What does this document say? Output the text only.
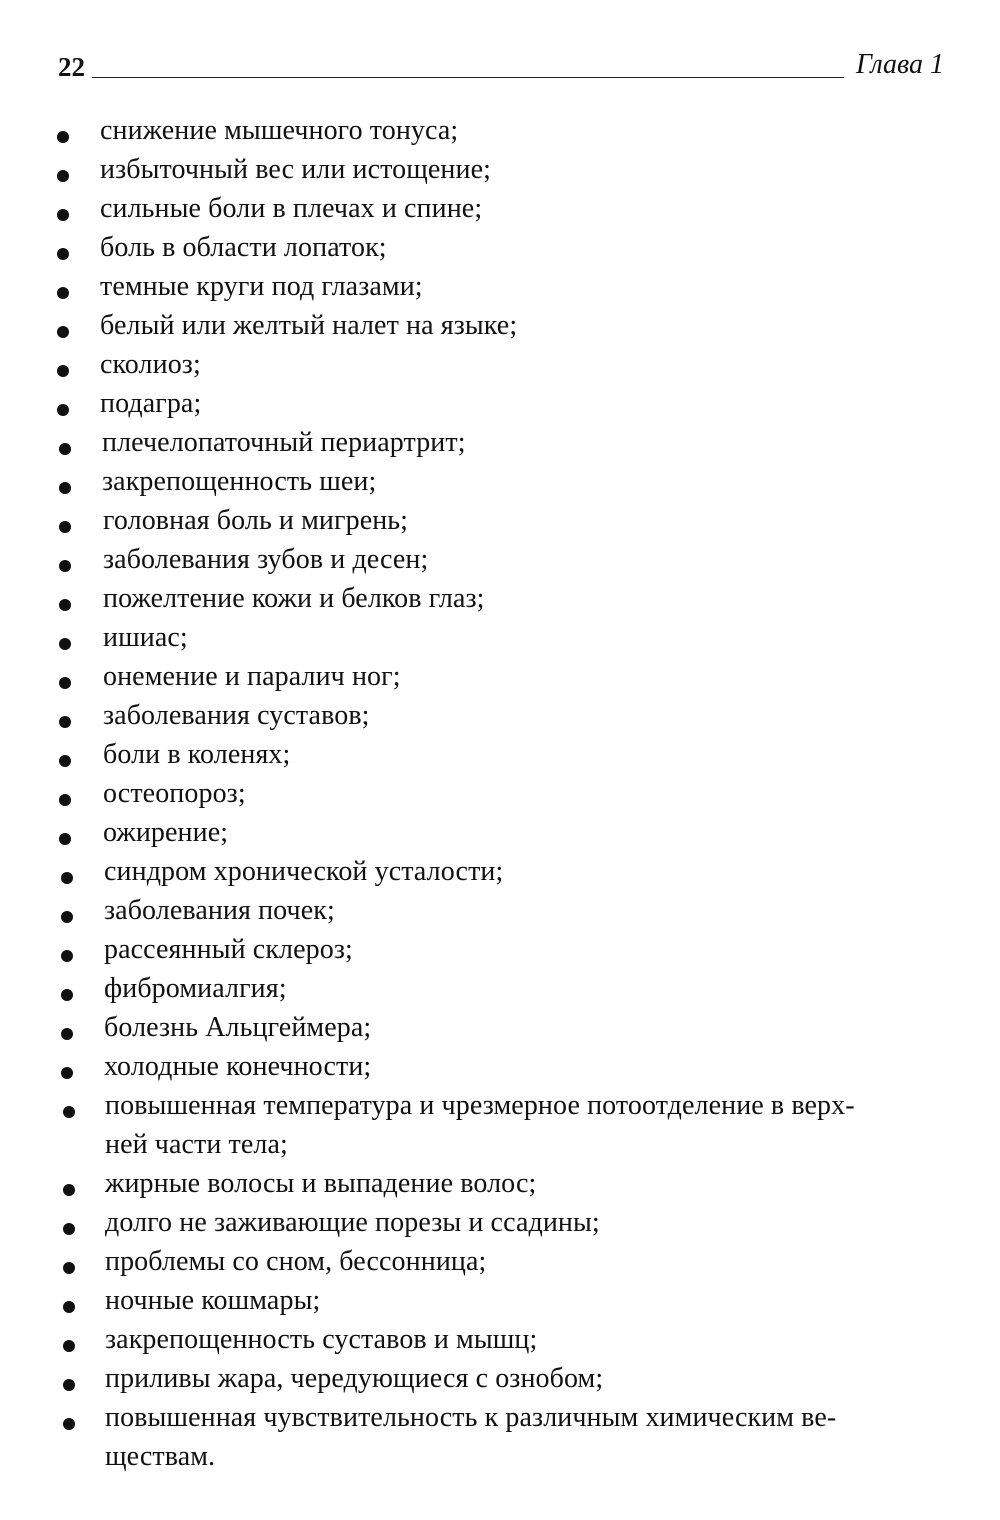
22	Глава 1
снижение мышечного тонуса;
избыточный вес или истощение;
сильные боли в плечах и спине;
боль в области лопаток;
темные круги под глазами;
белый или желтый налет на языке;
сколиоз;
подагра;
плечелопаточный периартрит;
закрепощенность шеи;
головная боль и мигрень;
заболевания зубов и десен;
пожелтение кожи и белков глаз;
ишиас;
онемение и паралич ног;
заболевания суставов;
боли в коленях;
остеопороз;
ожирение;
синдром хронической усталости;
заболевания почек;
рассеянный склероз;
фибромиалгия;
болезнь Альцгеймера;
холодные конечности;
повышенная температура и чрезмерное потоотделение в верх-
ней части тела;
жирные волосы и выпадение волос;
долго не заживающие порезы и ссадины;
проблемы со сном, бессонница;
ночные кошмары;
закрепощенность суставов и мышц;
приливы жара, чередующиеся с ознобом;
повышенная чувствительность к различным химическим ве-
ществам.
